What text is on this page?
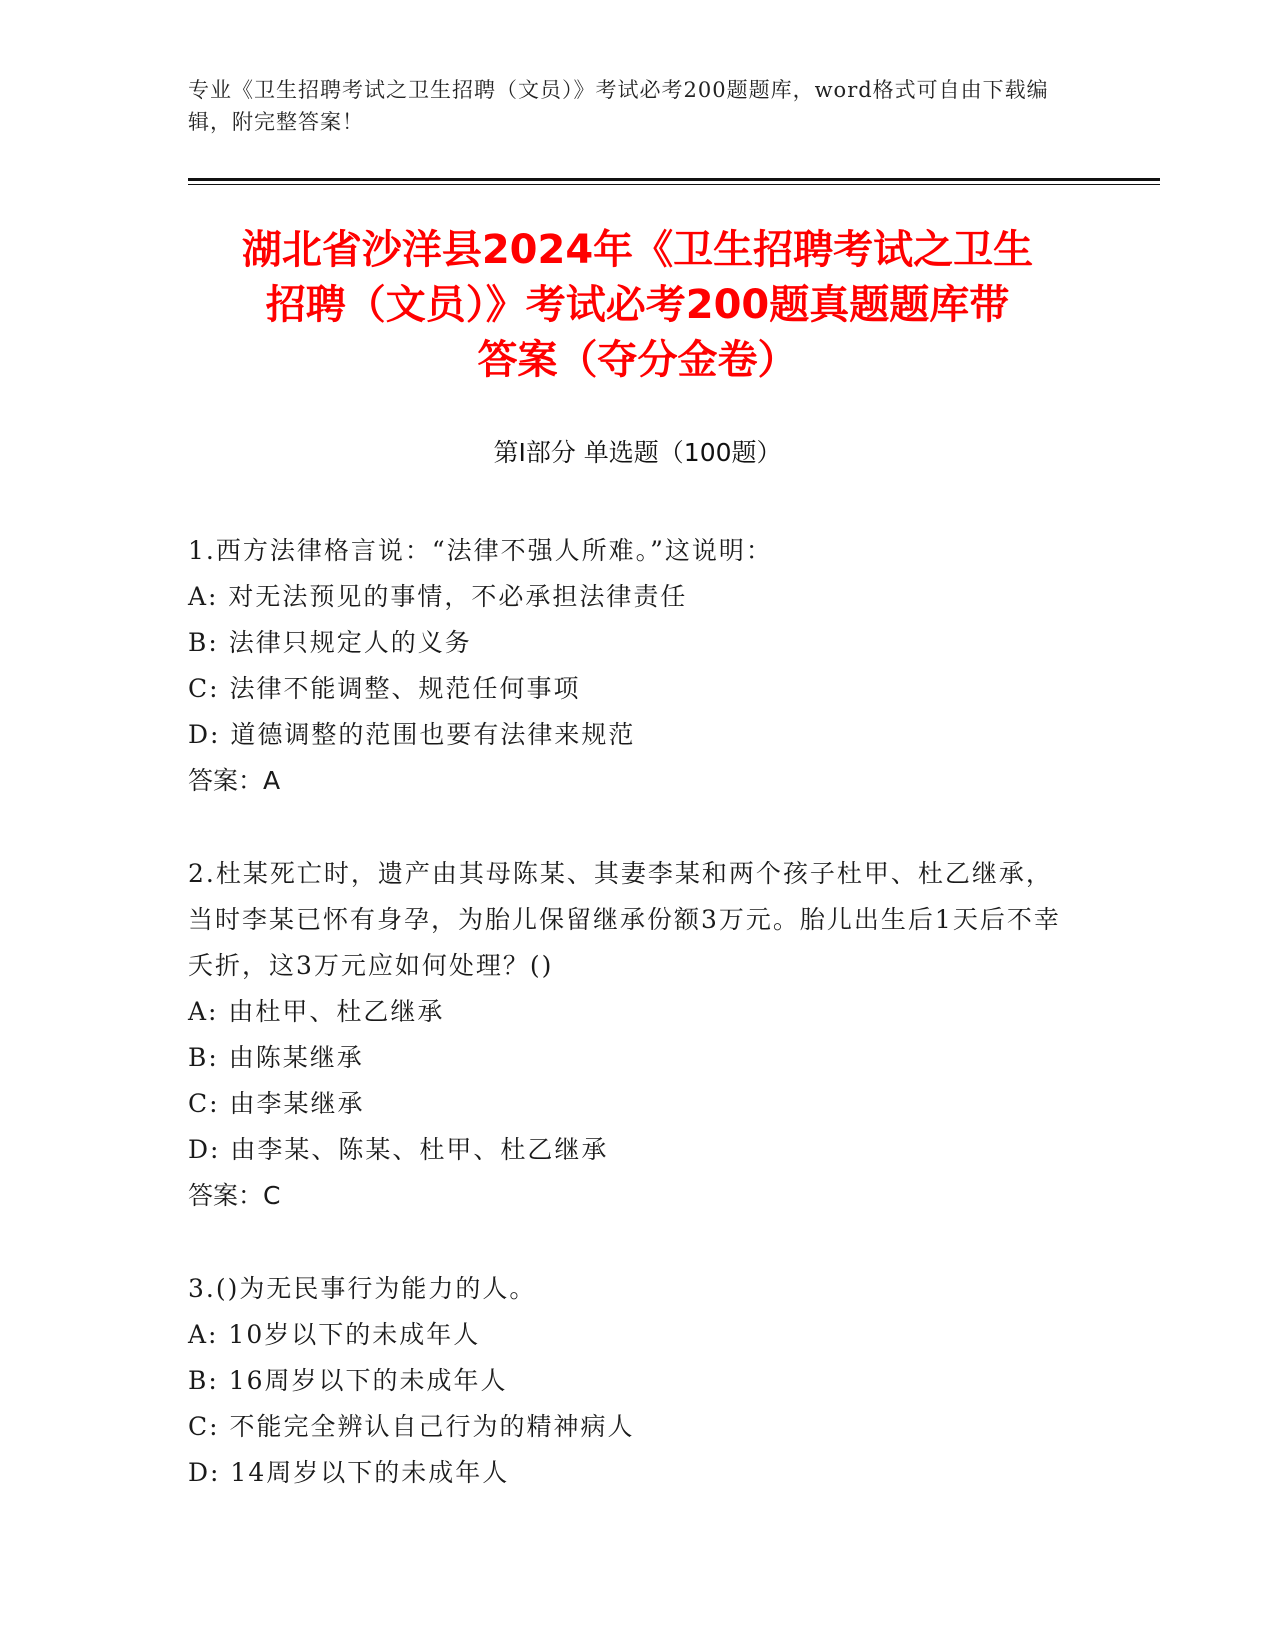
专业《卫生招聘考试之卫生招聘（文员）》考试必考200题题库，word格式可自由下载编辑，附完整答案！
湖北省沙洋县2024年《卫生招聘考试之卫生
招聘（文员）》考试必考200题真题题库带
答案（夺分金卷）
第Ⅰ部分 单选题（100题）
1.西方法律格言说：“法律不强人所难。”这说明：
A: 对无法预见的事情，不必承担法律责任
B: 法律只规定人的义务
C: 法律不能调整、规范任何事项
D: 道德调整的范围也要有法律来规范
答案：A
2.杜某死亡时，遗产由其母陈某、其妻李某和两个孩子杜甲、杜乙继承，当时李某已怀有身孕，为胎儿保留继承份额3万元。胎儿出生后1天后不幸夭折，这3万元应如何处理？()
A: 由杜甲、杜乙继承
B: 由陈某继承
C: 由李某继承
D: 由李某、陈某、杜甲、杜乙继承
答案：C
3.()为无民事行为能力的人。
A: 10岁以下的未成年人
B: 16周岁以下的未成年人
C: 不能完全辨认自己行为的精神病人
D: 14周岁以下的未成年人
